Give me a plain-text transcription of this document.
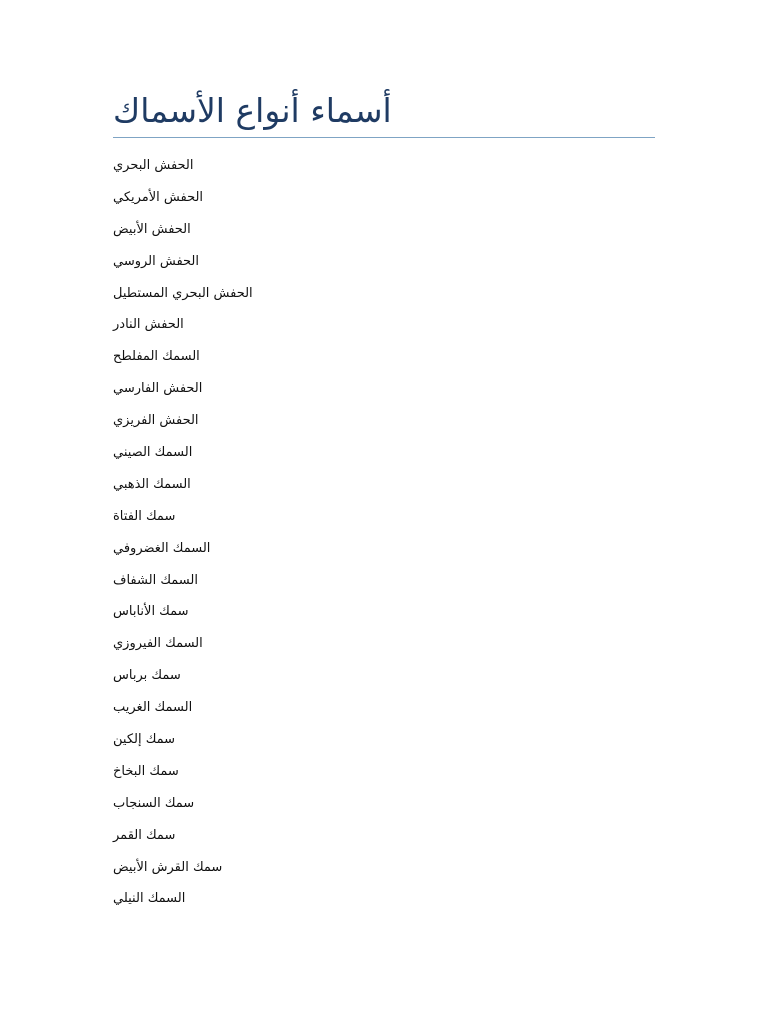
أسماء أنواع الأسماك
الحفش البحري
الحفش الأمريكي
الحفش الأبيض
الحفش الروسي
الحفش البحري المستطيل
الحفش النادر
السمك المفلطح
الحفش الفارسي
الحفش الفريزي
السمك الصيني
السمك الذهبي
سمك الفتاة
السمك الغضروفي
السمك الشفاف
سمك الأناباس
السمك الفيروزي
سمك برباس
السمك الغريب
سمك إلكين
سمك البخاخ
سمك السنجاب
سمك القمر
سمك القرش الأبيض
السمك النيلي
